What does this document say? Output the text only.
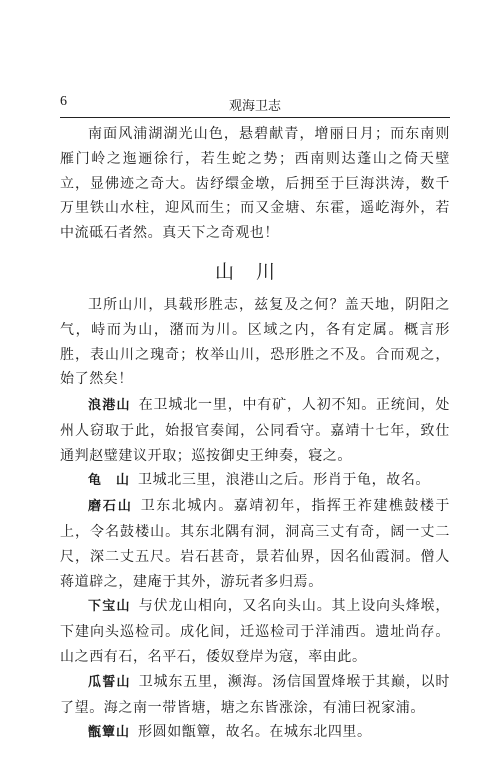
6	观海卫志

南面风浦湖湖光山色，悬碧献青，增丽日月；而东南则雁门岭之迤逦徐行，若生蛇之势；西南则达蓬山之倚天壁立，显佛迹之奇大。齿纾缳金墩，后拥至于巨海洪涛，数千万里铁山水柱，迎风而生；而又金塘、东霍，遥屹海外，若中流砥石者然。真天下之奇观也！

山 川

卫所山川，具载形胜志，兹复及之何？盖天地，阴阳之气，峙而为山，潴而为川。区域之内，各有定属。概言形胜，表山川之瑰奇；枚举山川，恐形胜之不及。合而观之，始了然矣！

浪港山 在卫城北一里，中有矿，人初不知。正统间，处州人窃取于此，始报官奏闻，公同看守。嘉靖十七年，致仕通判赵璧建议开取；巡按御史王绅奏，寝之。

龟　山 卫城北三里，浪港山之后。形肖于龟，故名。

磨石山 卫东北城内。嘉靖初年，指挥王祚建樵鼓楼于上，令名鼓楼山。其东北隅有洞，洞高三丈有奇，阔一丈二尺，深二丈五尺。岩石甚奇，景若仙界，因名仙霞洞。僧人蒋道辟之，建庵于其外，游玩者多归焉。

下宝山 与伏龙山相向，又名向头山。其上设向头烽堠，下建向头巡检司。成化间，迁巡检司于洋浦西。遗址尚存。山之西有石，名平石，倭奴登岸为寇，率由此。

瓜誓山 卫城东五里，濒海。汤信国置烽堠于其巅，以时了望。海之南一带皆塘，塘之东皆涨涂，有浦曰祝家浦。

甑簟山 形圆如甑簟，故名。在城东北四里。
